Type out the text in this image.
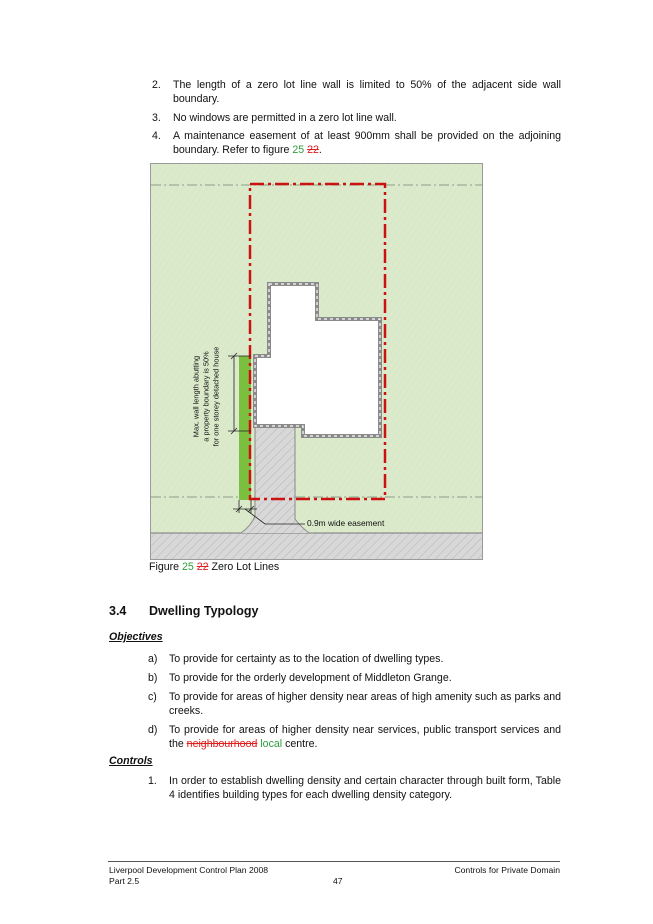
2.	The length of a zero lot line wall is limited to 50% of the adjacent side wall boundary.
3.	No windows are permitted in a zero lot line wall.
4.	A maintenance easement of at least 900mm shall be provided on the adjoining boundary. Refer to figure 25 22.
Max. wall length abutting a property boundary is 50% for one storey detached house
0.9m wide easement
Figure 25 22 Zero Lot Lines
3.4 Dwelling Typology
Objectives
a)	To provide for certainty as to the location of dwelling types.
b)	To provide for the orderly development of Middleton Grange.
c)	To provide for areas of higher density near areas of high amenity such as parks and creeks.
d)	To provide for areas of higher density near services, public transport services and the neighbourhood local centre.
Controls
1.	In order to establish dwelling density and certain character through built form, Table 4 identifies building types for each dwelling density category.
Liverpool Development Control Plan 2008
Part 2.5	47
Controls for Private Domain
